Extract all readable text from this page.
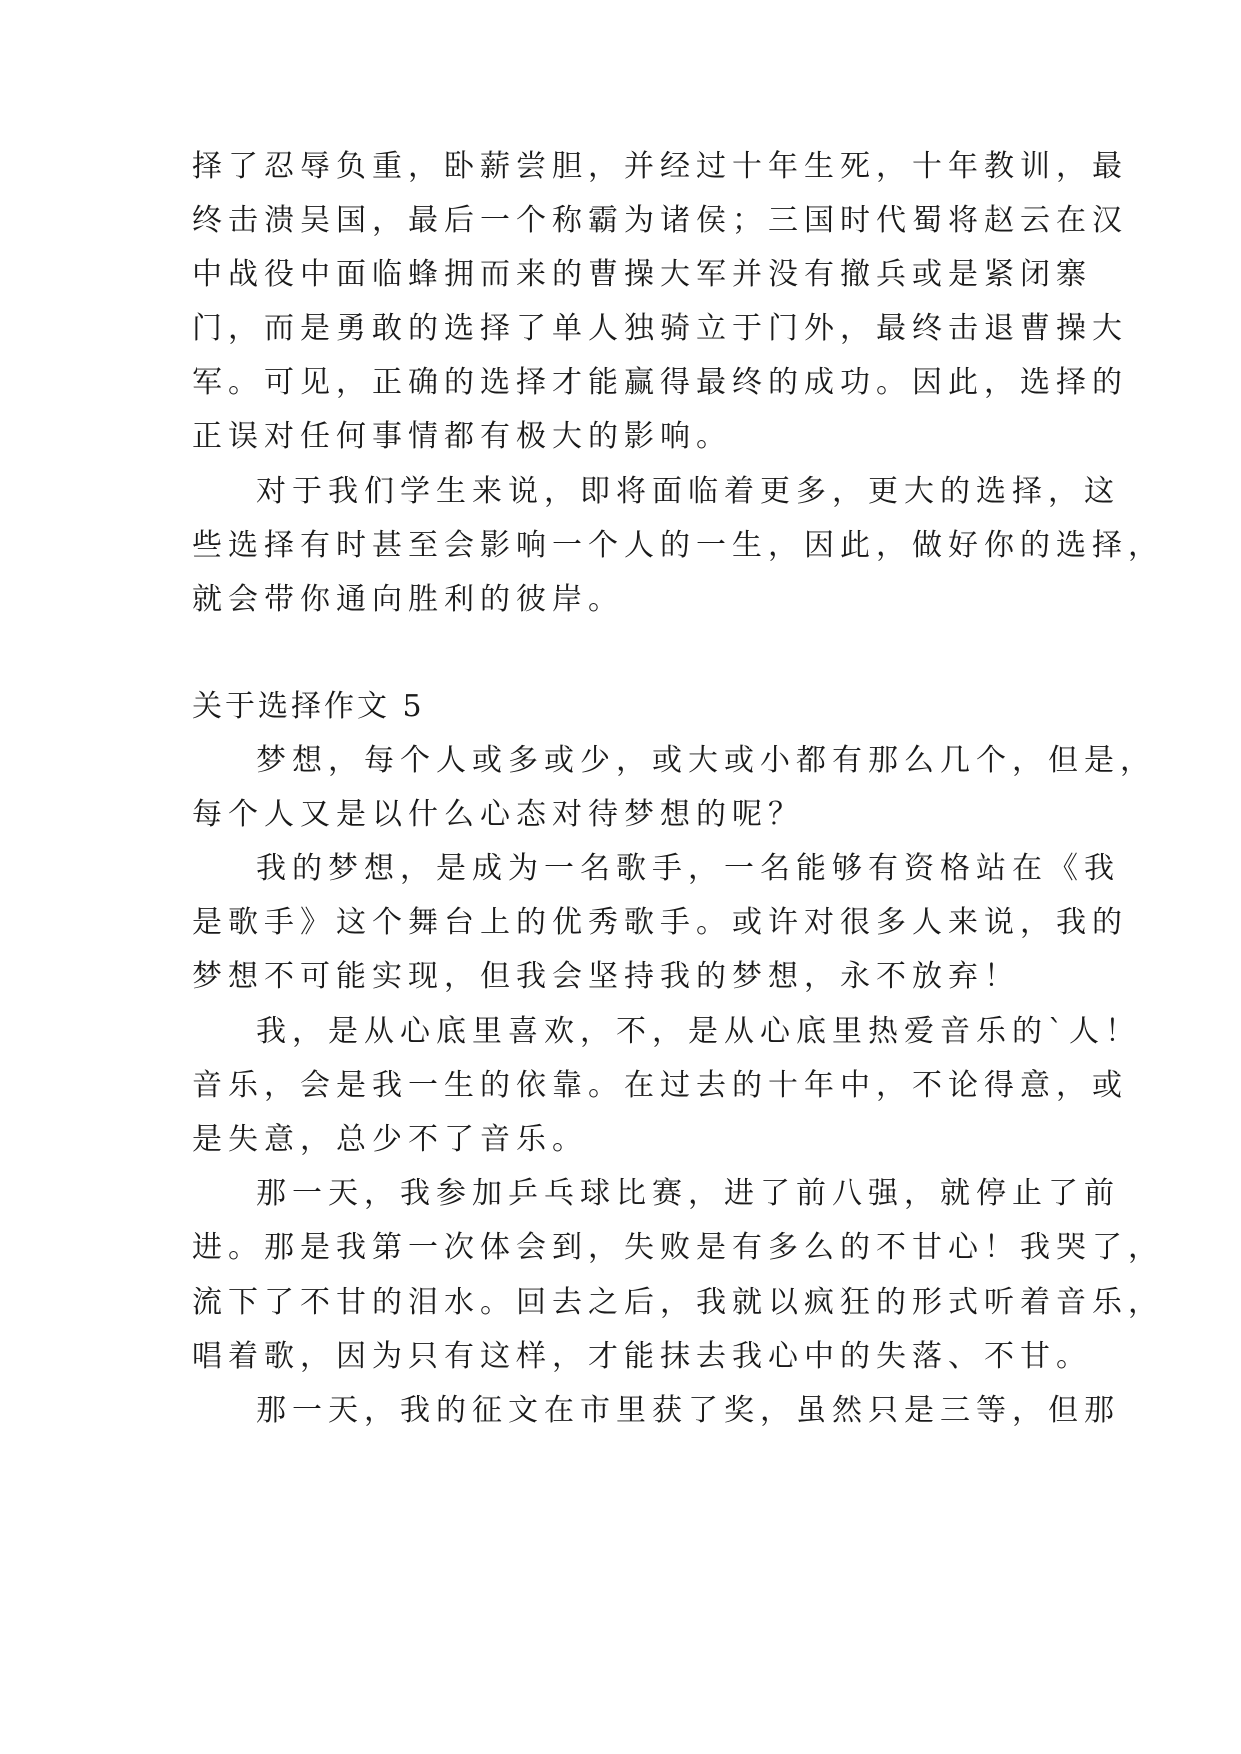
择了忍辱负重，卧薪尝胆，并经过十年生死，十年教训，最
终击溃吴国，最后一个称霸为诸侯；三国时代蜀将赵云在汉
中战役中面临蜂拥而来的曹操大军并没有撤兵或是紧闭寨
门，而是勇敢的选择了单人独骑立于门外，最终击退曹操大
军。可见，正确的选择才能赢得最终的成功。因此，选择的
正误对任何事情都有极大的影响。
对于我们学生来说，即将面临着更多，更大的选择，这
些选择有时甚至会影响一个人的一生，因此，做好你的选择，
就会带你通向胜利的彼岸。
关于选择作文 5
梦想，每个人或多或少，或大或小都有那么几个，但是，
每个人又是以什么心态对待梦想的呢？
我的梦想，是成为一名歌手，一名能够有资格站在《我
是歌手》这个舞台上的优秀歌手。或许对很多人来说，我的
梦想不可能实现，但我会坚持我的梦想，永不放弃！
我，是从心底里喜欢，不，是从心底里热爱音乐的`人！
音乐，会是我一生的依靠。在过去的十年中，不论得意，或
是失意，总少不了音乐。
那一天，我参加乒乓球比赛，进了前八强，就停止了前
进。那是我第一次体会到，失败是有多么的不甘心！我哭了，
流下了不甘的泪水。回去之后，我就以疯狂的形式听着音乐，
唱着歌，因为只有这样，才能抹去我心中的失落、不甘。
那一天，我的征文在市里获了奖，虽然只是三等，但那
